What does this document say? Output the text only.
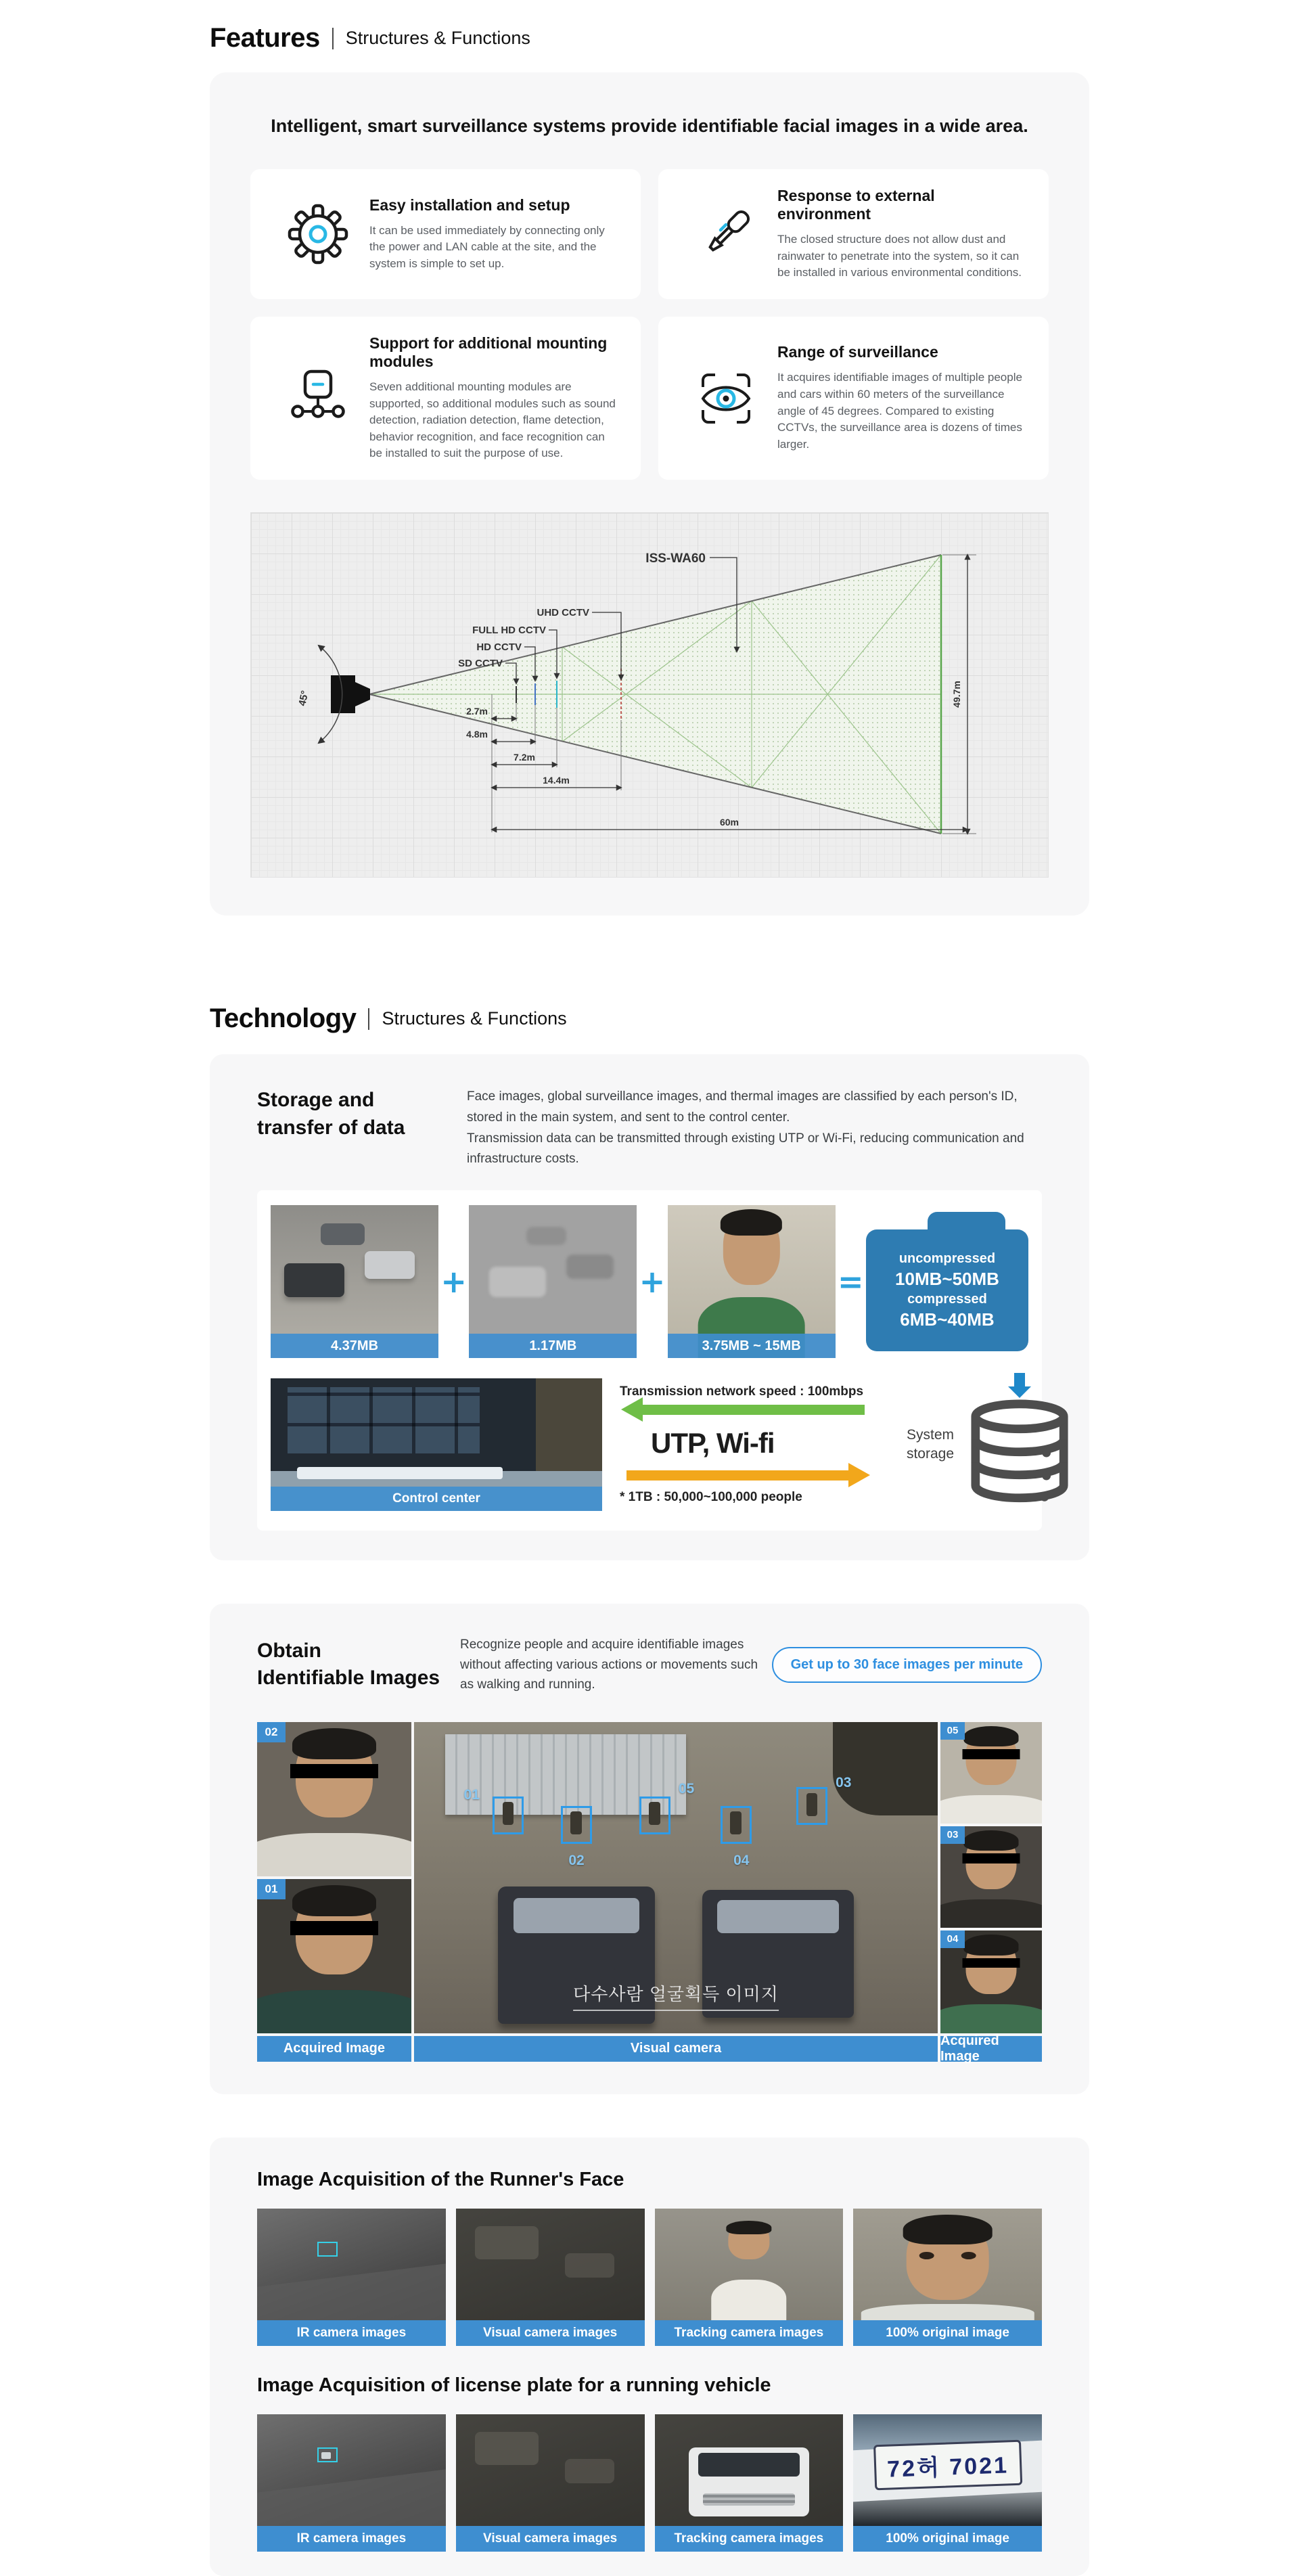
Features Structures & Functions
Intelligent, smart surveillance systems provide identifiable facial images in a wide area.
Easy installation and setup
It can be used immediately by connecting only the power and LAN cable at the site, and the system is simple to set up.
Response to external environment
The closed structure does not allow dust and rainwater to penetrate into the system, so it can be installed in various environmental conditions.
Support for additional mounting modules
Seven additional mounting modules are supported, so additional modules such as sound detection, radiation detection, flame detection, behavior recognition, and face recognition can be installed to suit the purpose of use.
Range of surveillance
It acquires identifiable images of multiple people and cars within 60 meters of the surveillance angle of 45 degrees. Compared to existing CCTVs, the surveillance area is dozens of times larger.
45°
UHD CCTV
FULL HD CCTV
HD CCTV
SD CCTV
ISS-WA60
2.7m
4.8m
7.2m
14.4m
60m
49.7m
Technology Structures & Functions
Storage and
transfer of data
Face images, global surveillance images, and thermal images are classified by each person's ID, stored in the main system, and sent to the control center.
Transmission data can be transmitted through existing UTP or Wi-Fi, reducing communication and infrastructure costs.
4.37MB
+
1.17MB
+
3.75MB ~ 15MB
=
uncompressed
10MB~50MB
compressed
6MB~40MB
Control center
Transmission network speed : 100mbps
UTP, Wi-fi
* 1TB : 50,000~100,000 people
System
storage
Obtain
Identifiable Images
Recognize people and acquire identifiable images without affecting various actions or movements such as walking and running.
Get up to 30 face images per minute
02
01
01
02
05
04
03
다수사람 얼굴획득 이미지
05
03
04
Acquired Image	Visual camera
Acquired Image
Image Acquisition of the Runner's Face
IR camera images	Visual camera images	Tracking camera images	100% original image
Image Acquisition of license plate for a running vehicle
IR camera images	Visual camera images	Tracking camera images
72허 7021
100% original image
